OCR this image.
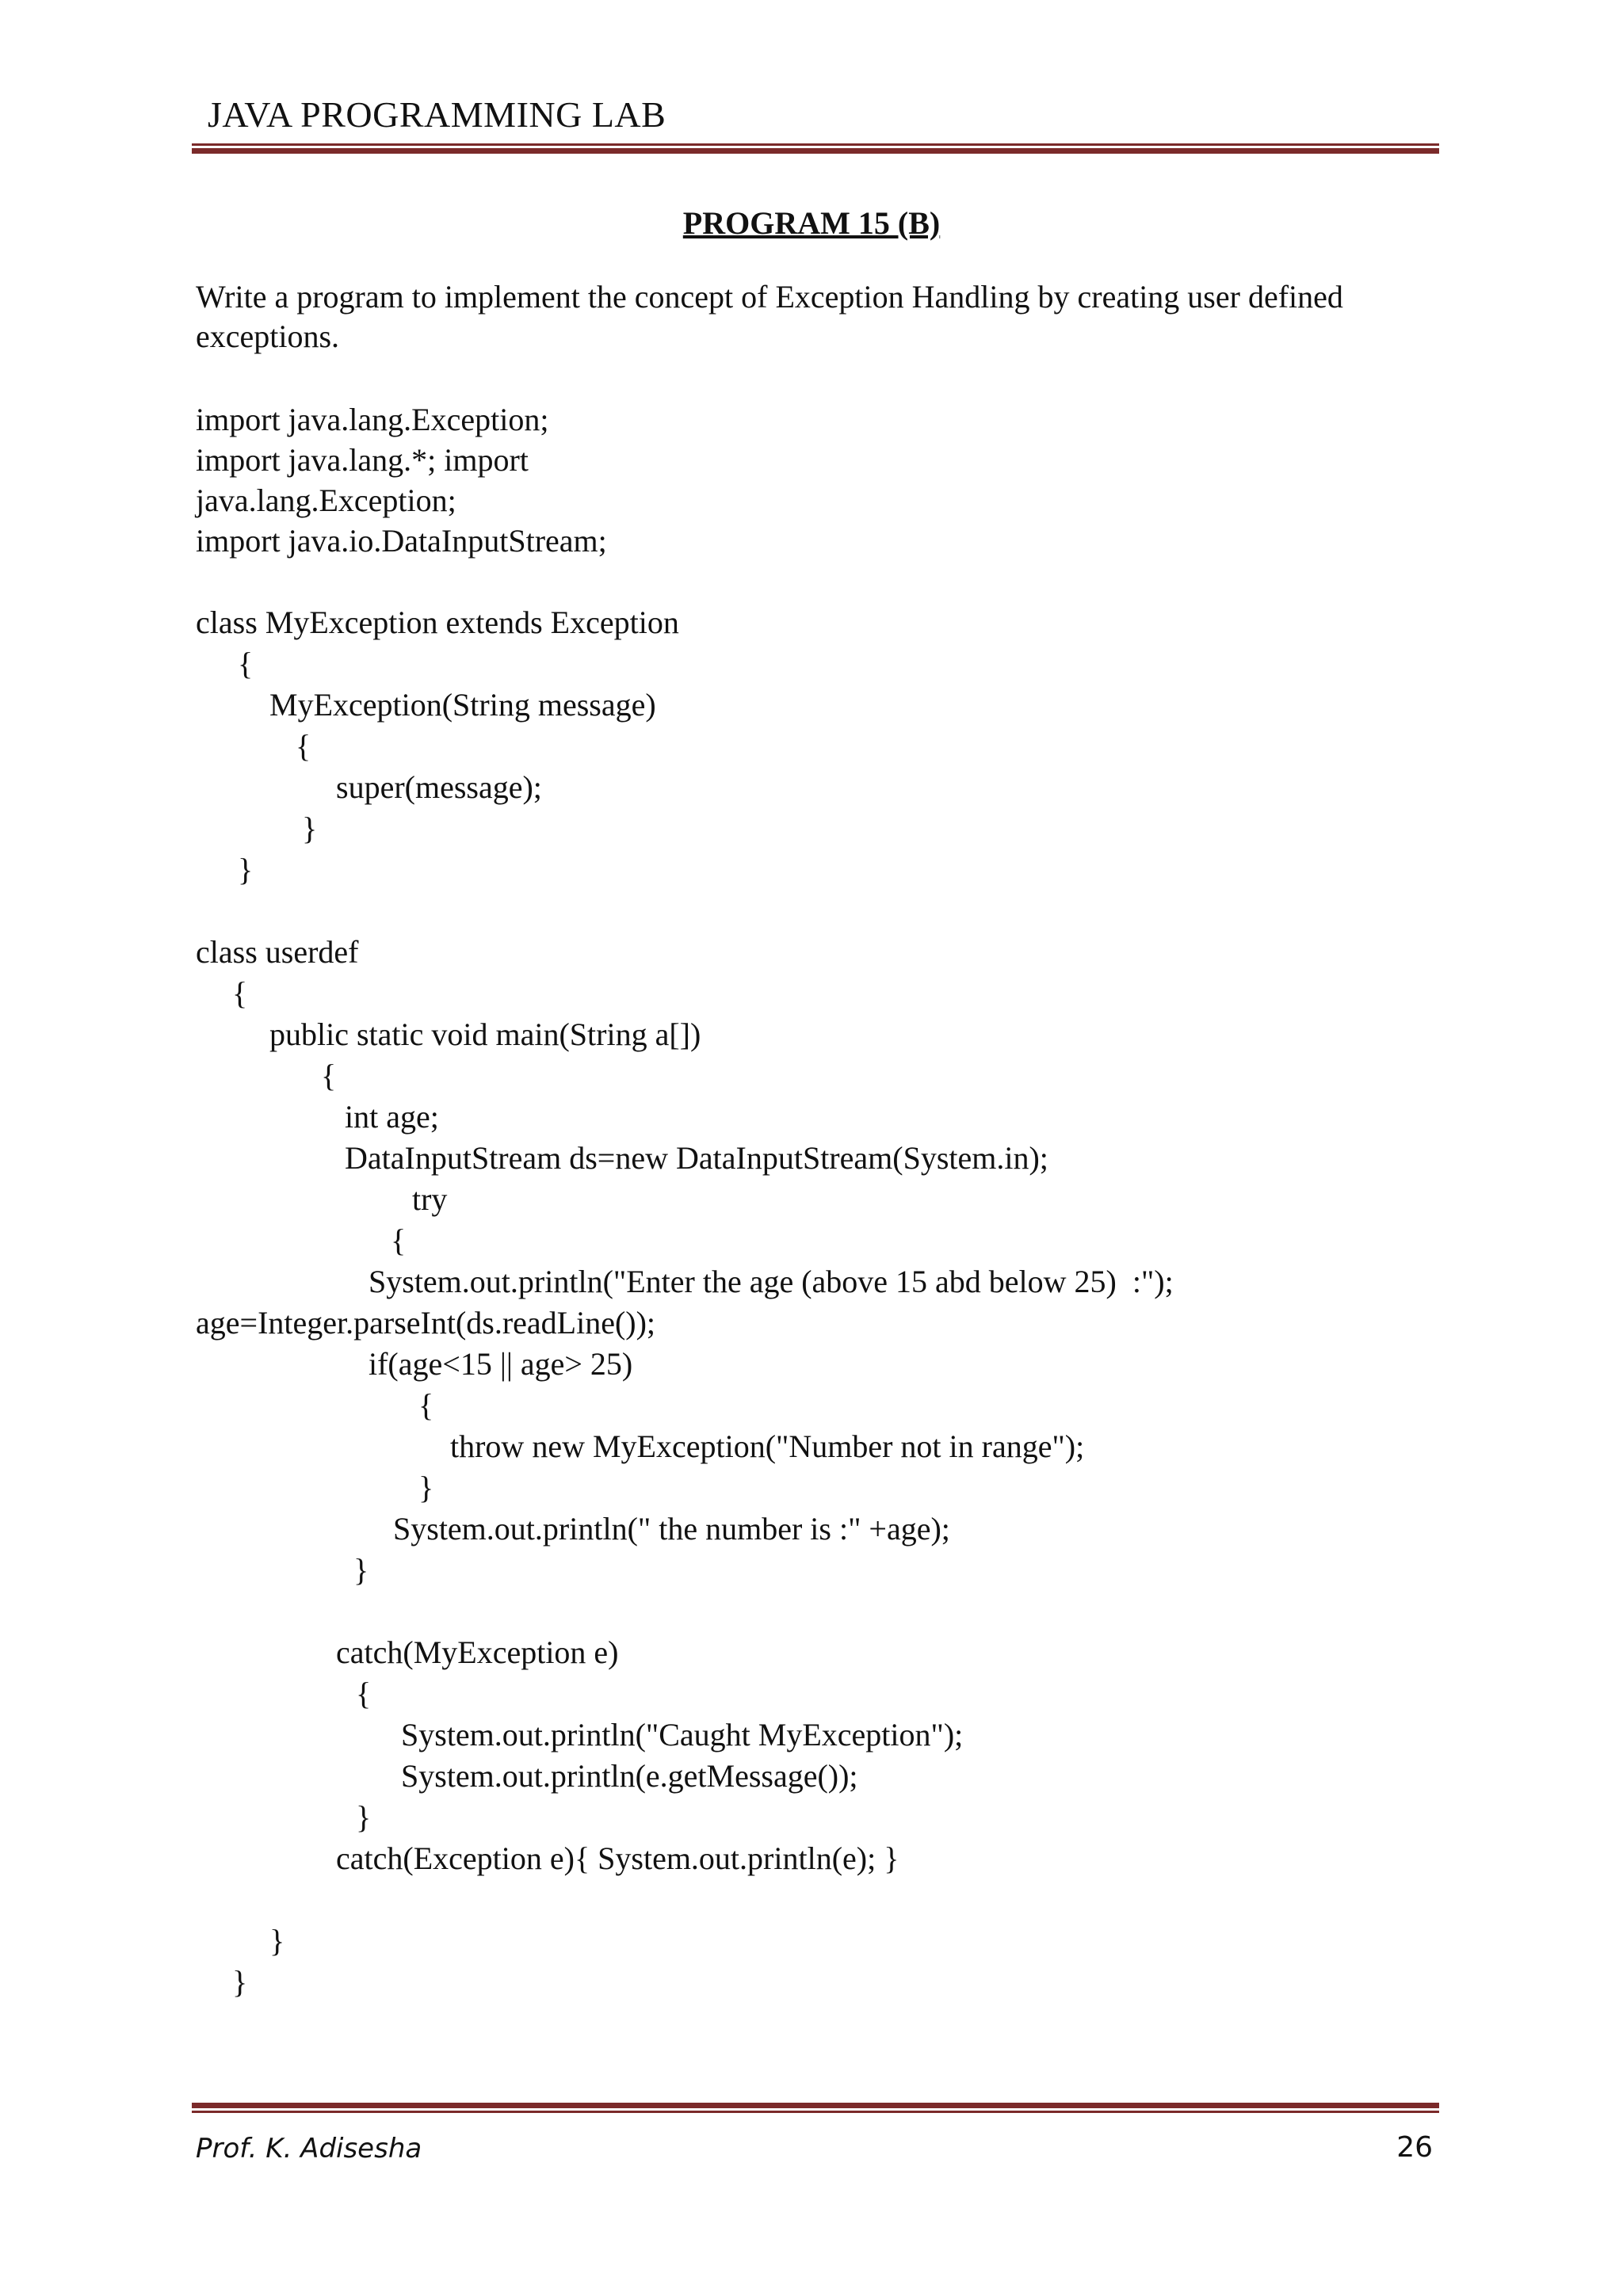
JAVA PROGRAMMING LAB
PROGRAM 15 (B)
Write a program to implement the concept of Exception Handling by creating user defined exceptions.
import java.lang.Exception;
import java.lang.*; import
java.lang.Exception;
import java.io.DataInputStream;
class MyException extends Exception
{
MyException(String message)
{
super(message);
}
}
class userdef
{
public static void main(String a[])
{
int age;
DataInputStream ds=new DataInputStream(System.in);
try
{
System.out.println("Enter the age (above 15 abd below 25)  :");
age=Integer.parseInt(ds.readLine());
if(age<15 || age> 25)
{
throw new MyException("Number not in range");
}
System.out.println(" the number is :" +age);
}
catch(MyException e)
{
System.out.println("Caught MyException");
System.out.println(e.getMessage());
}
catch(Exception e){ System.out.println(e); }
}
}
Prof. K. Adisesha	26
